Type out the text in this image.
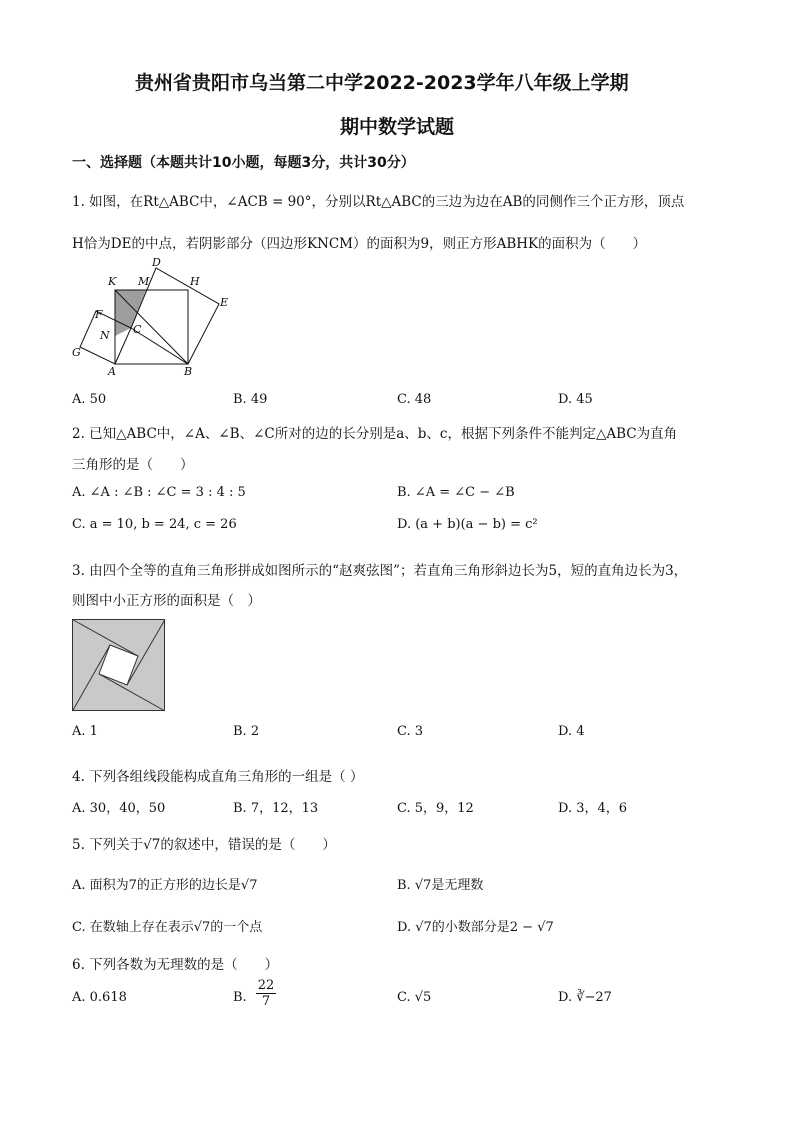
贵州省贵阳市乌当第二中学2022-2023学年八年级上学期
期中数学试题
一、选择题（本题共计10小题，每题3分，共计30分）
1. 如图，在Rt△ABC中，∠ACB = 90°，分别以Rt△ABC的三边为边在AB的同侧作三个正方形，顶点
H恰为DE的中点，若阴影部分（四边形KNCM）的面积为9，则正方形ABHK的面积为（　　）
D
K M	H
E
F
C
N
G
A	B
A. 50	B. 49	C. 48	D. 45
2. 已知△ABC中，∠A、∠B、∠C所对的边的长分别是a、b、c，根据下列条件不能判定△ABC为直角
三角形的是（　　）
A. ∠A : ∠B : ∠C = 3 : 4 : 5	B. ∠A = ∠C − ∠B
C. a = 10, b = 24, c = 26	D. (a + b)(a − b) = c²
3. 由四个全等的直角三角形拼成如图所示的“赵爽弦图”；若直角三角形斜边长为5，短的直角边长为3，
则图中小正方形的面积是（　）
A. 1	B. 2	C. 3	D. 4
4. 下列各组线段能构成直角三角形的一组是（ ）
A. 30，40，50	B. 7，12，13	C. 5，9，12	D. 3，4，6
5. 下列关于√7的叙述中，错误的是（　　）
A. 面积为7的正方形的边长是√7	B. √7是无理数
C. 在数轴上存在表示√7的一个点	D. √7的小数部分是2 − √7
6. 下列各数为无理数的是（　　）
A. 0.618	B. $\frac{22}{7}$	C. √5	D. ∛−27
